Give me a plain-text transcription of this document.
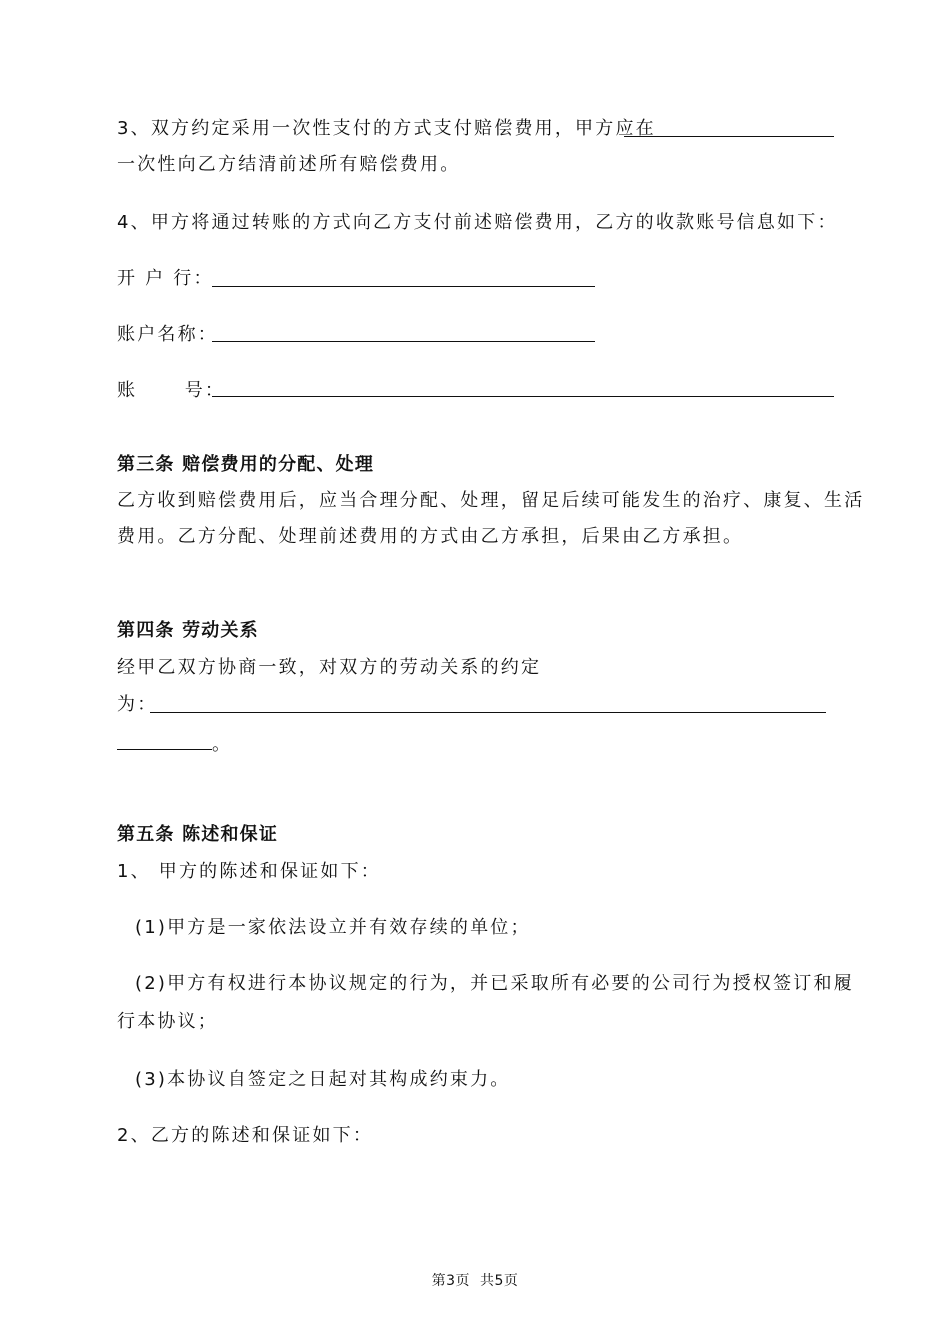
3、双方约定采用一次性支付的方式支付赔偿费用，甲方应在
一次性向乙方结清前述所有赔偿费用。
4、甲方将通过转账的方式向乙方支付前述赔偿费用，乙方的收款账号信息如下：
开 户 行：
账户名称：
账      号：
第三条 赔偿费用的分配、处理
乙方收到赔偿费用后，应当合理分配、处理，留足后续可能发生的治疗、康复、生活
费用。乙方分配、处理前述费用的方式由乙方承担，后果由乙方承担。
第四条 劳动关系
经甲乙双方协商一致，对双方的劳动关系的约定
为：
。
第五条 陈述和保证
1、 甲方的陈述和保证如下：
(1)甲方是一家依法设立并有效存续的单位；
(2)甲方有权进行本协议规定的行为，并已采取所有必要的公司行为授权签订和履
行本协议；
(3)本协议自签定之日起对其构成约束力。
2、乙方的陈述和保证如下：
第3页  共5页
